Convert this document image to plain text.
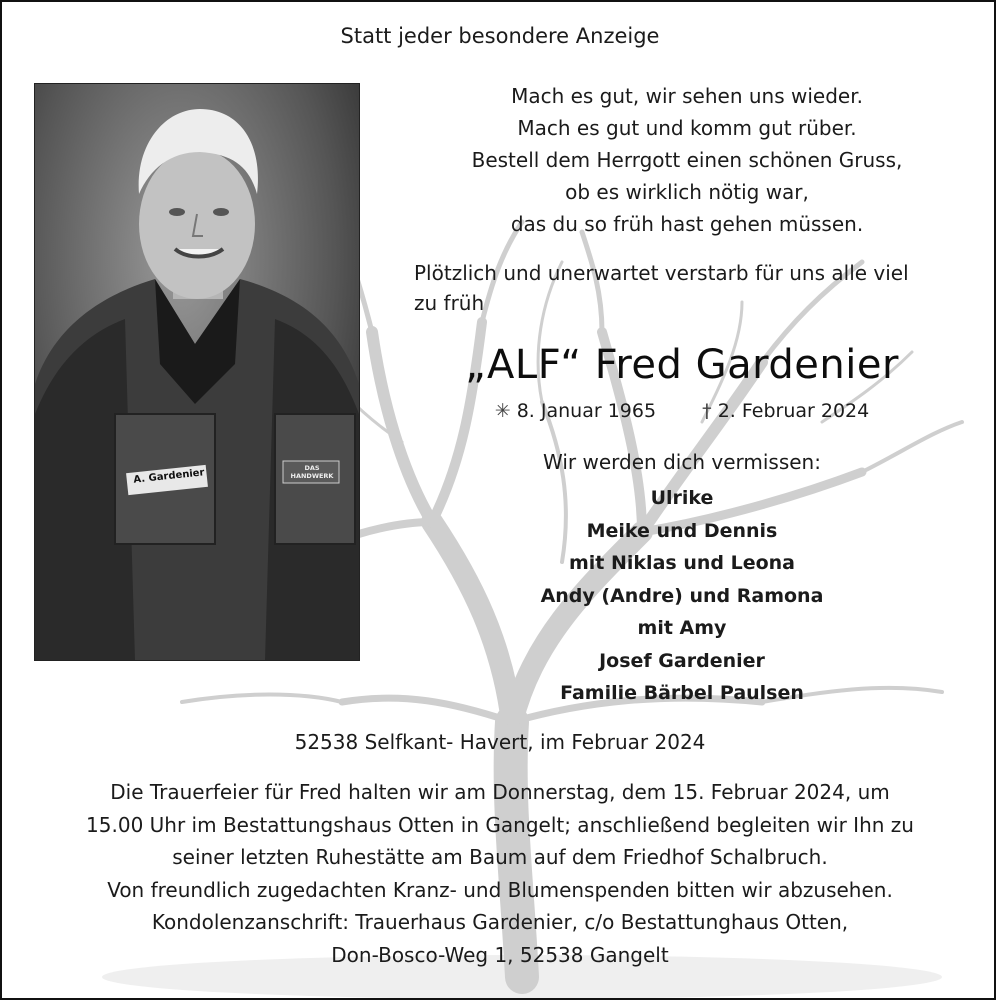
Statt jeder besondere Anzeige
A. Gardenier	DAS HANDWERK
Mach es gut, wir sehen uns wieder.
Mach es gut und komm gut rüber.
Bestell dem Herrgott einen schönen Gruss,
ob es wirklich nötig war,
das du so früh hast gehen müssen.
Plötzlich und unerwartet verstarb für uns alle viel zu früh
„ALF“ Fred Gardenier
✳ 8. Januar 1965 † 2. Februar 2024
Wir werden dich vermissen:
Ulrike
Meike und Dennis
mit Niklas und Leona
Andy (Andre) und Ramona
mit Amy
Josef Gardenier
Familie Bärbel Paulsen
52538 Selfkant- Havert, im Februar 2024
Die Trauerfeier für Fred halten wir am Donnerstag, dem 15. Februar 2024, um
15.00 Uhr im Bestattungshaus Otten in Gangelt; anschließend begleiten wir Ihn zu
seiner letzten Ruhestätte am Baum auf dem Friedhof Schalbruch.
Von freundlich zugedachten Kranz- und Blumenspenden bitten wir abzusehen.
Kondolenzanschrift: Trauerhaus Gardenier, c/o Bestattunghaus Otten,
Don-Bosco-Weg 1, 52538 Gangelt
